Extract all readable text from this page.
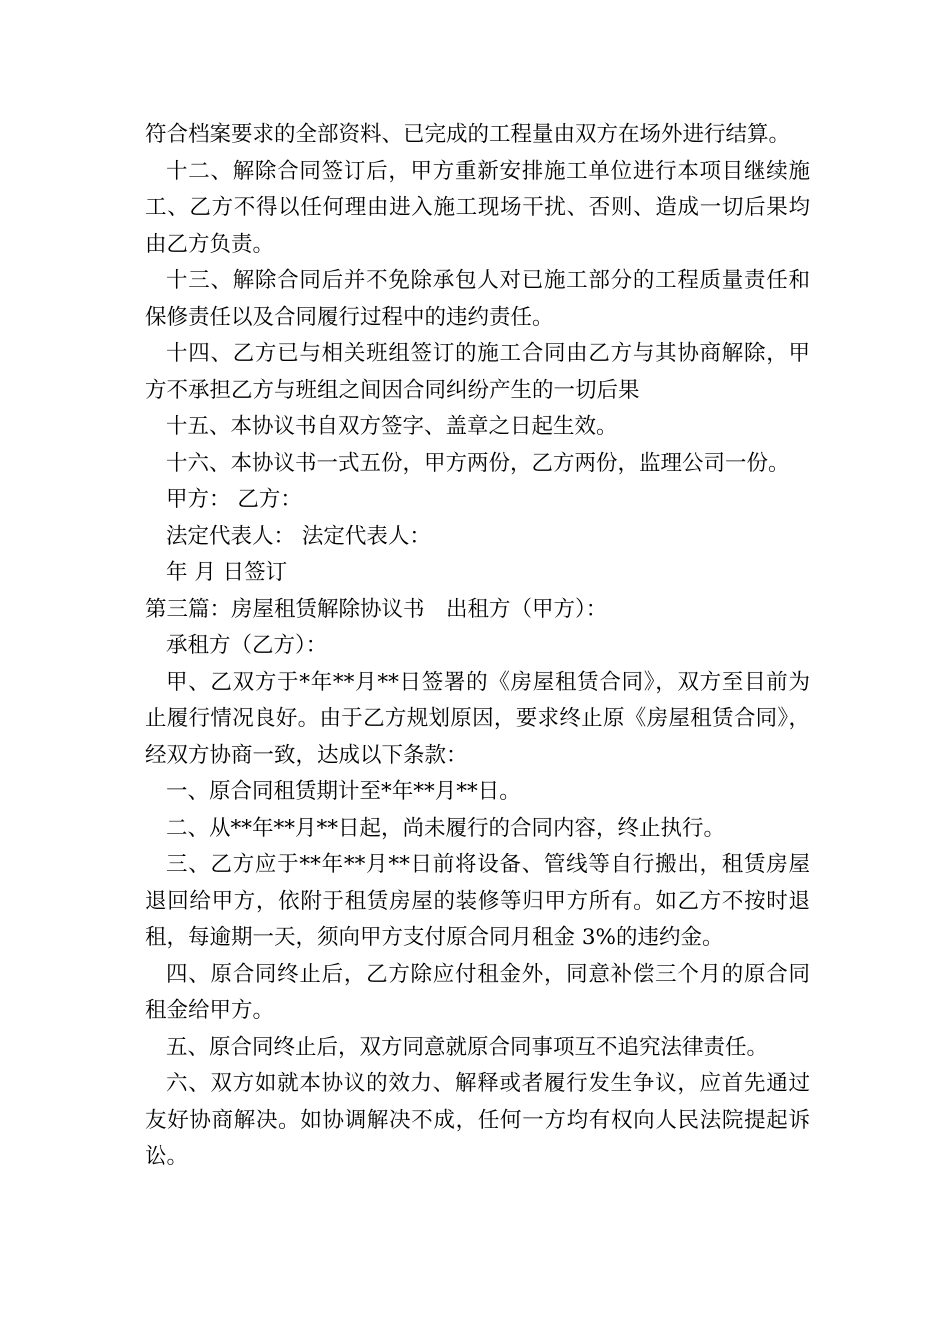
符合档案要求的全部资料、已完成的工程量由双方在场外进行结算。

十二、解除合同签订后，甲方重新安排施工单位进行本项目继续施工、乙方不得以任何理由进入施工现场干扰、否则、造成一切后果均由乙方负责。

十三、解除合同后并不免除承包人对已施工部分的工程质量责任和保修责任以及合同履行过程中的违约责任。

十四、乙方已与相关班组签订的施工合同由乙方与其协商解除，甲方不承担乙方与班组之间因合同纠纷产生的一切后果

十五、本协议书自双方签字、盖章之日起生效。

十六、本协议书一式五份，甲方两份，乙方两份，监理公司一份。

甲方： 乙方：

法定代表人： 法定代表人：

年 月 日签订

第三篇：房屋租赁解除协议书　出租方（甲方）：

承租方（乙方）：

甲、乙双方于*年**月**日签署的《房屋租赁合同》，双方至目前为止履行情况良好。由于乙方规划原因，要求终止原《房屋租赁合同》，经双方协商一致，达成以下条款：

一、原合同租赁期计至*年**月**日。

二、从**年**月**日起，尚未履行的合同内容，终止执行。

三、乙方应于**年**月**日前将设备、管线等自行搬出，租赁房屋退回给甲方，依附于租赁房屋的装修等归甲方所有。如乙方不按时退租，每逾期一天，须向甲方支付原合同月租金 3%的违约金。

四、原合同终止后，乙方除应付租金外，同意补偿三个月的原合同租金给甲方。

五、原合同终止后，双方同意就原合同事项互不追究法律责任。

六、双方如就本协议的效力、解释或者履行发生争议，应首先通过友好协商解决。如协调解决不成，任何一方均有权向人民法院提起诉讼。
